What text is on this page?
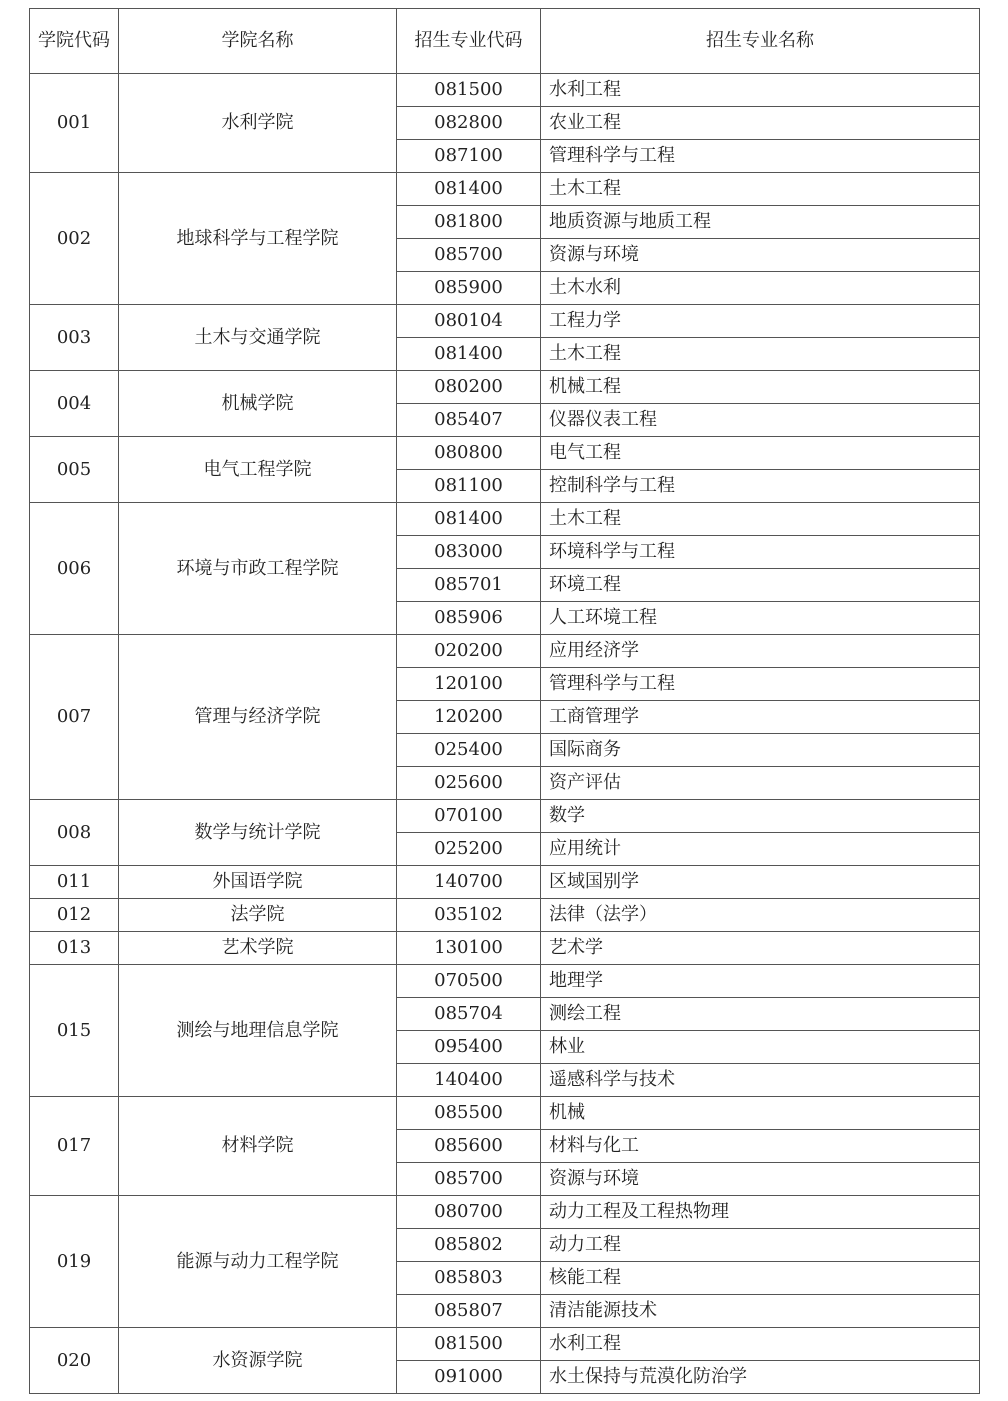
学院代码	学院名称	招生专业代码	招生专业名称
001	水利学院	081500	水利工程
		082800	农业工程
		087100	管理科学与工程
002	地球科学与工程学院	081400	土木工程
		081800	地质资源与地质工程
		085700	资源与环境
		085900	土木水利
003	土木与交通学院	080104	工程力学
		081400	土木工程
004	机械学院	080200	机械工程
		085407	仪器仪表工程
005	电气工程学院	080800	电气工程
		081100	控制科学与工程
006	环境与市政工程学院	081400	土木工程
		083000	环境科学与工程
		085701	环境工程
		085906	人工环境工程
007	管理与经济学院	020200	应用经济学
		120100	管理科学与工程
		120200	工商管理学
		025400	国际商务
		025600	资产评估
008	数学与统计学院	070100	数学
		025200	应用统计
011	外国语学院	140700	区域国别学
012	法学院	035102	法律（法学）
013	艺术学院	130100	艺术学
015	测绘与地理信息学院	070500	地理学
		085704	测绘工程
		095400	林业
		140400	遥感科学与技术
017	材料学院	085500	机械
		085600	材料与化工
		085700	资源与环境
019	能源与动力工程学院	080700	动力工程及工程热物理
		085802	动力工程
		085803	核能工程
		085807	清洁能源技术
020	水资源学院	081500	水利工程
		091000	水土保持与荒漠化防治学
